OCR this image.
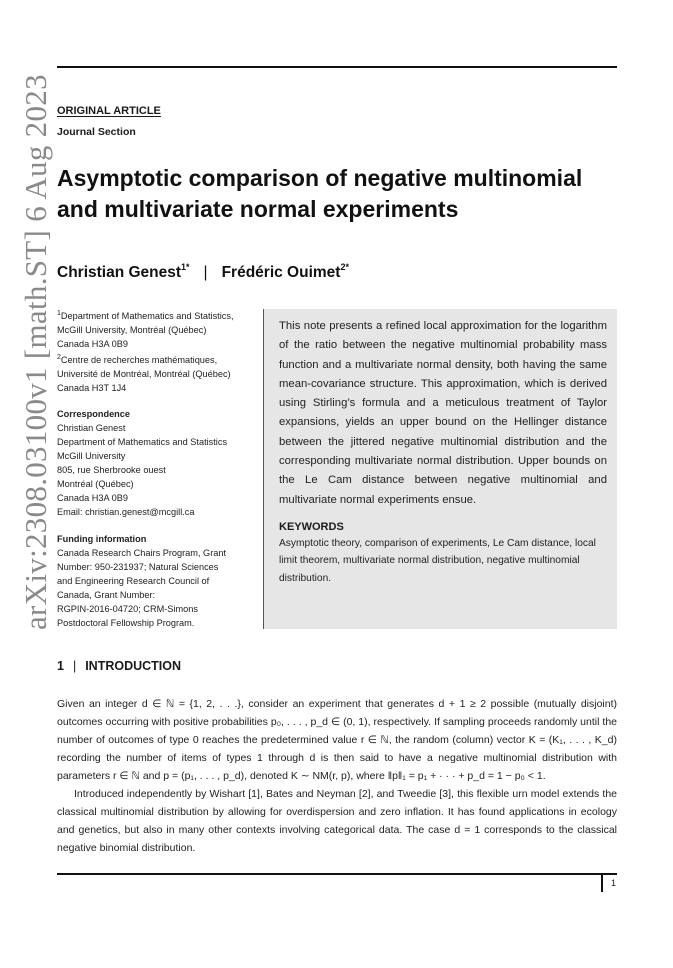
arXiv:2308.03100v1 [math.ST] 6 Aug 2023 ORIGINAL ARTICLE
Journal Section
Asymptotic comparison of negative multinomial and multivariate normal experiments
Christian Genest$^{1*}$ | Frédéric Ouimet$^{2*}$
$^1$Department of Mathematics and Statistics,
McGill University, Montréal (Québec)
Canada H3A 0B9
$^2$Centre de recherches mathématiques,
Université de Montréal, Montréal (Québec)
Canada H3T 1J4
Correspondence
Christian Genest
Department of Mathematics and Statistics
McGill University
805, rue Sherbrooke ouest
Montréal (Québec)
Canada H3A 0B9
Email: christian.genest@mcgill.ca
Funding information
Canada Research Chairs Program, Grant
Number: 950-231937; Natural Sciences
and Engineering Research Council of
Canada, Grant Number:
RGPIN-2016-04720; CRM-Simons
Postdoctoral Fellowship Program.

This note presents a refined local approximation for the logarithm of the ratio between the negative multinomial probability mass function and a multivariate normal density, both having the same mean-covariance structure. This approximation, which is derived using Stirling’s formula and a meticulous treatment of Taylor expansions, yields an upper bound on the Hellinger distance between the jittered negative multinomial distribution and the corresponding multivariate normal distribution. Upper bounds on the Le Cam distance between negative multinomial and multivariate normal experiments ensue.

KEYWORDS
Asymptotic theory, comparison of experiments, Le Cam distance, local limit theorem, multivariate normal distribution, negative multinomial distribution.
1 | INTRODUCTION

Given an integer d ∈ ℕ = {1, 2, . . .}, consider an experiment that generates d + 1 ≥ 2 possible (mutually disjoint) outcomes occurring with positive probabilities p₀, . . . , p_d ∈ (0, 1), respectively. If sampling proceeds randomly until the number of outcomes of type 0 reaches the predetermined value r ∈ ℕ, the random (column) vector K = (K₁, . . . , K_d) recording the number of items of types 1 through d is then said to have a negative multinomial distribution with parameters r ∈ ℕ and p = (p₁, . . . , p_d), denoted K ∼ NM(r, p), where ‖p‖₁ = p₁ + · · · + p_d = 1 − p₀ < 1.

Introduced independently by Wishart [1], Bates and Neyman [2], and Tweedie [3], this flexible urn model extends the classical multinomial distribution by allowing for overdispersion and zero inflation. It has found applications in ecology and genetics, but also in many other contexts involving categorical data. The case d = 1 corresponds to the classical negative binomial distribution.

1
